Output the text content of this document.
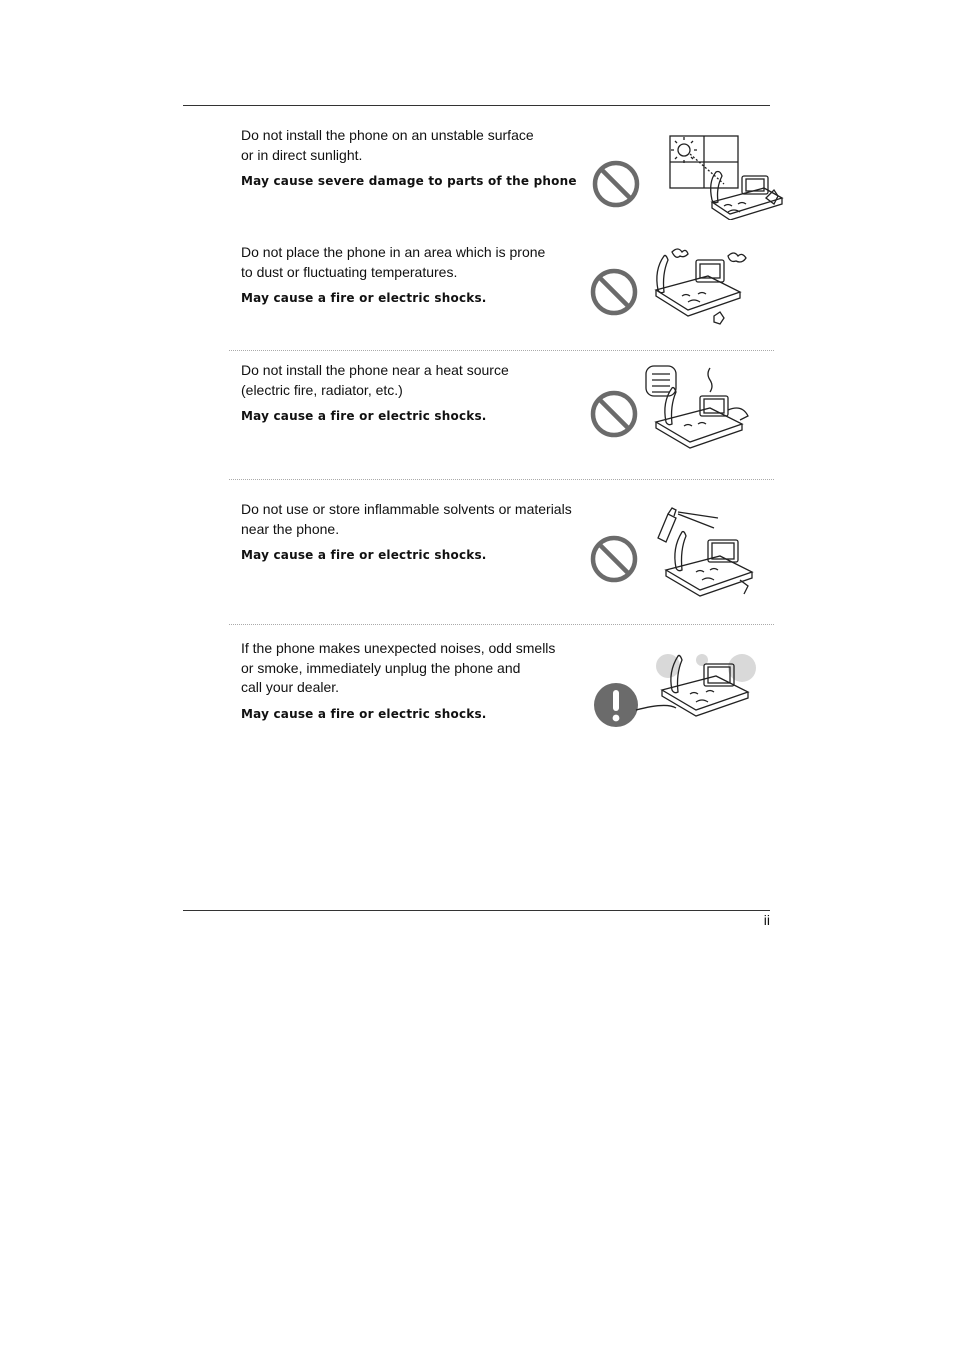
Do not install the phone on an unstable surface
or in direct sunlight.

May cause severe damage to parts of the phone

Do not place the phone in an area which is prone
to dust or fluctuating temperatures.

May cause a fire or electric shocks.

Do not install the phone near a heat source
(electric fire, radiator, etc.)

May cause a fire or electric shocks.

Do not use or store inflammable solvents or materials
near the phone.

May cause a fire or electric shocks.

If the phone makes unexpected noises, odd smells
or smoke, immediately unplug the phone and
call your dealer.

May cause a fire or electric shocks.

ii
